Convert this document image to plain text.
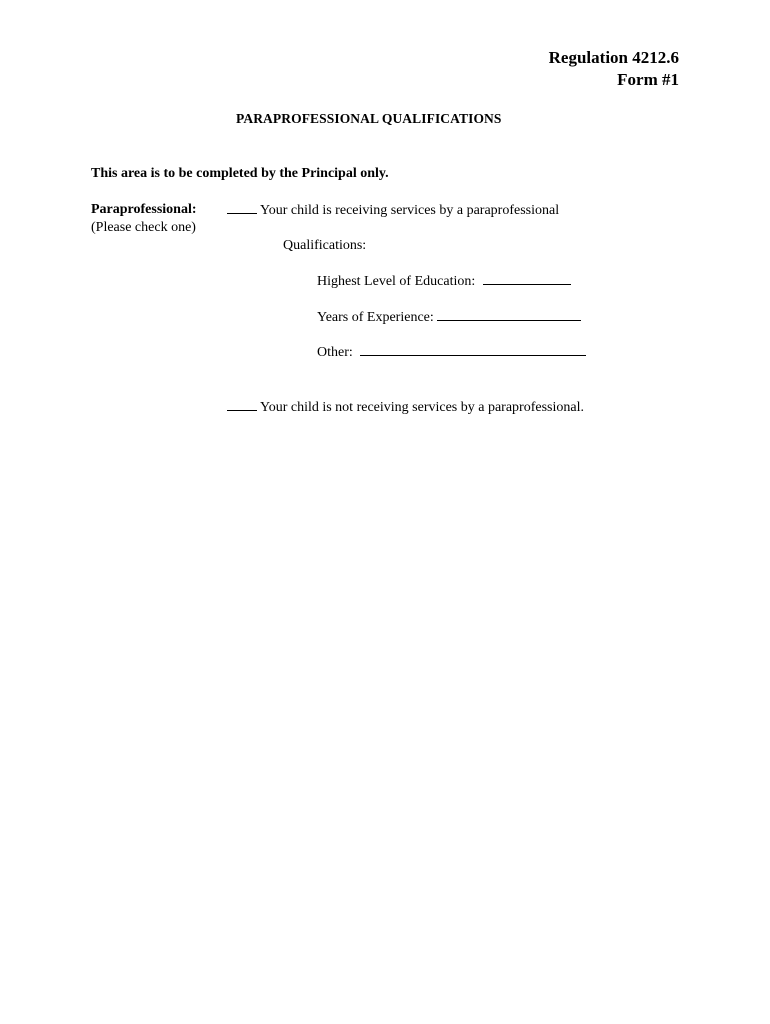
Regulation 4212.6
Form #1
PARAPROFESSIONAL QUALIFICATIONS
This area is to be completed by the Principal only.
Paraprofessional:
(Please check one)
Your child is receiving services by a paraprofessional
Qualifications:
Highest Level of Education:
Years of Experience:
Other:
Your child is not receiving services by a paraprofessional.
